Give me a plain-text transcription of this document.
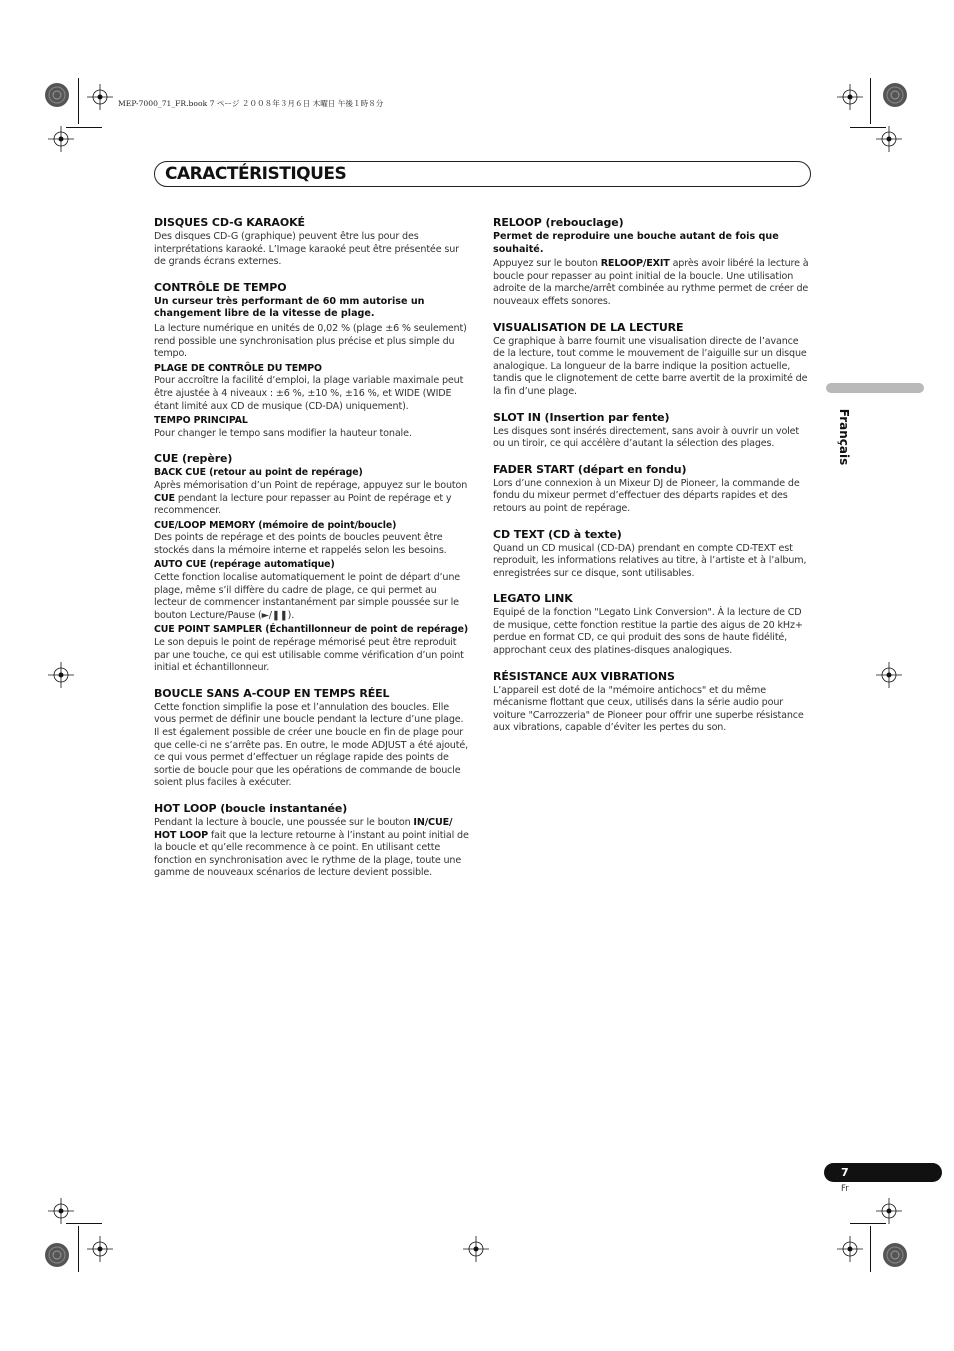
MEP-7000_71_FR.book 7 ページ ２００８年３月６日 木曜日 午後１時８分
CARACTÉRISTIQUES
DISQUES CD-G KARAOKÉ

Des disques CD-G (graphique) peuvent être lus pour des interprétations karaoké. L’Image karaoké peut être présentée sur de grands écrans externes.

CONTRÔLE DE TEMPO

Un curseur très performant de 60 mm autorise un changement libre de la vitesse de plage.

La lecture numérique en unités de 0,02 % (plage ±6 % seulement) rend possible une synchronisation plus précise et plus simple du tempo.

PLAGE DE CONTRÔLE DU TEMPO

Pour accroître la facilité d’emploi, la plage variable maximale peut être ajustée à 4 niveaux : ±6 %, ±10 %, ±16 %, et WIDE (WIDE étant limité aux CD de musique (CD-DA) uniquement).

TEMPO PRINCIPAL

Pour changer le tempo sans modifier la hauteur tonale.

CUE (repère)
BACK CUE (retour au point de repérage)

Après mémorisation d’un Point de repérage, appuyez sur le bouton CUE pendant la lecture pour repasser au Point de repérage et y recommencer.

CUE/LOOP MEMORY (mémoire de point/boucle)

Des points de repérage et des points de boucles peuvent être stockés dans la mémoire interne et rappelés selon les besoins.

AUTO CUE (repérage automatique)

Cette fonction localise automatiquement le point de départ d’une plage, même s’il diffère du cadre de plage, ce qui permet au lecteur de commencer instantanément par simple poussée sur le bouton Lecture/Pause (►/❚❚).

CUE POINT SAMPLER (Échantillonneur de point de repérage)

Le son depuis le point de repérage mémorisé peut être reproduit par une touche, ce qui est utilisable comme vérification d’un point initial et échantillonneur.

BOUCLE SANS A-COUP EN TEMPS RÉEL

Cette fonction simplifie la pose et l’annulation des boucles. Elle vous permet de définir une boucle pendant la lecture d’une plage. Il est également possible de créer une boucle en fin de plage pour que celle-ci ne s’arrête pas. En outre, le mode ADJUST a été ajouté, ce qui vous permet d’effectuer un réglage rapide des points de sortie de boucle pour que les opérations de commande de boucle soient plus faciles à exécuter.

HOT LOOP (boucle instantanée)

Pendant la lecture à boucle, une poussée sur le bouton IN/CUE/ HOT LOOP fait que la lecture retourne à l’instant au point initial de la boucle et qu’elle recommence à ce point. En utilisant cette fonction en synchronisation avec le rythme de la plage, toute une gamme de nouveaux scénarios de lecture devient possible.

RELOOP (rebouclage)

Permet de reproduire une bouche autant de fois que souhaité.

Appuyez sur le bouton RELOOP/EXIT après avoir libéré la lecture à boucle pour repasser au point initial de la boucle. Une utilisation adroite de la marche/arrêt combinée au rythme permet de créer de nouveaux effets sonores.

VISUALISATION DE LA LECTURE

Ce graphique à barre fournit une visualisation directe de l’avance de la lecture, tout comme le mouvement de l’aiguille sur un disque analogique. La longueur de la barre indique la position actuelle, tandis que le clignotement de cette barre avertit de la proximité de la fin d’une plage.

SLOT IN (Insertion par fente)

Les disques sont insérés directement, sans avoir à ouvrir un volet ou un tiroir, ce qui accélère d’autant la sélection des plages.

FADER START (départ en fondu)

Lors d’une connexion à un Mixeur DJ de Pioneer, la commande de fondu du mixeur permet d’effectuer des départs rapides et des retours au point de repérage.

CD TEXT (CD à texte)

Quand un CD musical (CD-DA) prendant en compte CD-TEXT est reproduit, les informations relatives au titre, à l’artiste et à l’album, enregistrées sur ce disque, sont utilisables.

LEGATO LINK

Equipé de la fonction "Legato Link Conversion". À la lecture de CD de musique, cette fonction restitue la partie des aigus de 20 kHz+ perdue en format CD, ce qui produit des sons de haute fidélité, approchant ceux des platines-disques analogiques.

RÉSISTANCE AUX VIBRATIONS

L’appareil est doté de la "mémoire antichocs" et du même mécanisme flottant que ceux, utilisés dans la série audio pour voiture "Carrozzeria" de Pioneer pour offrir une superbe résistance aux vibrations, capable d’éviter les pertes du son.

Français
7
Fr
